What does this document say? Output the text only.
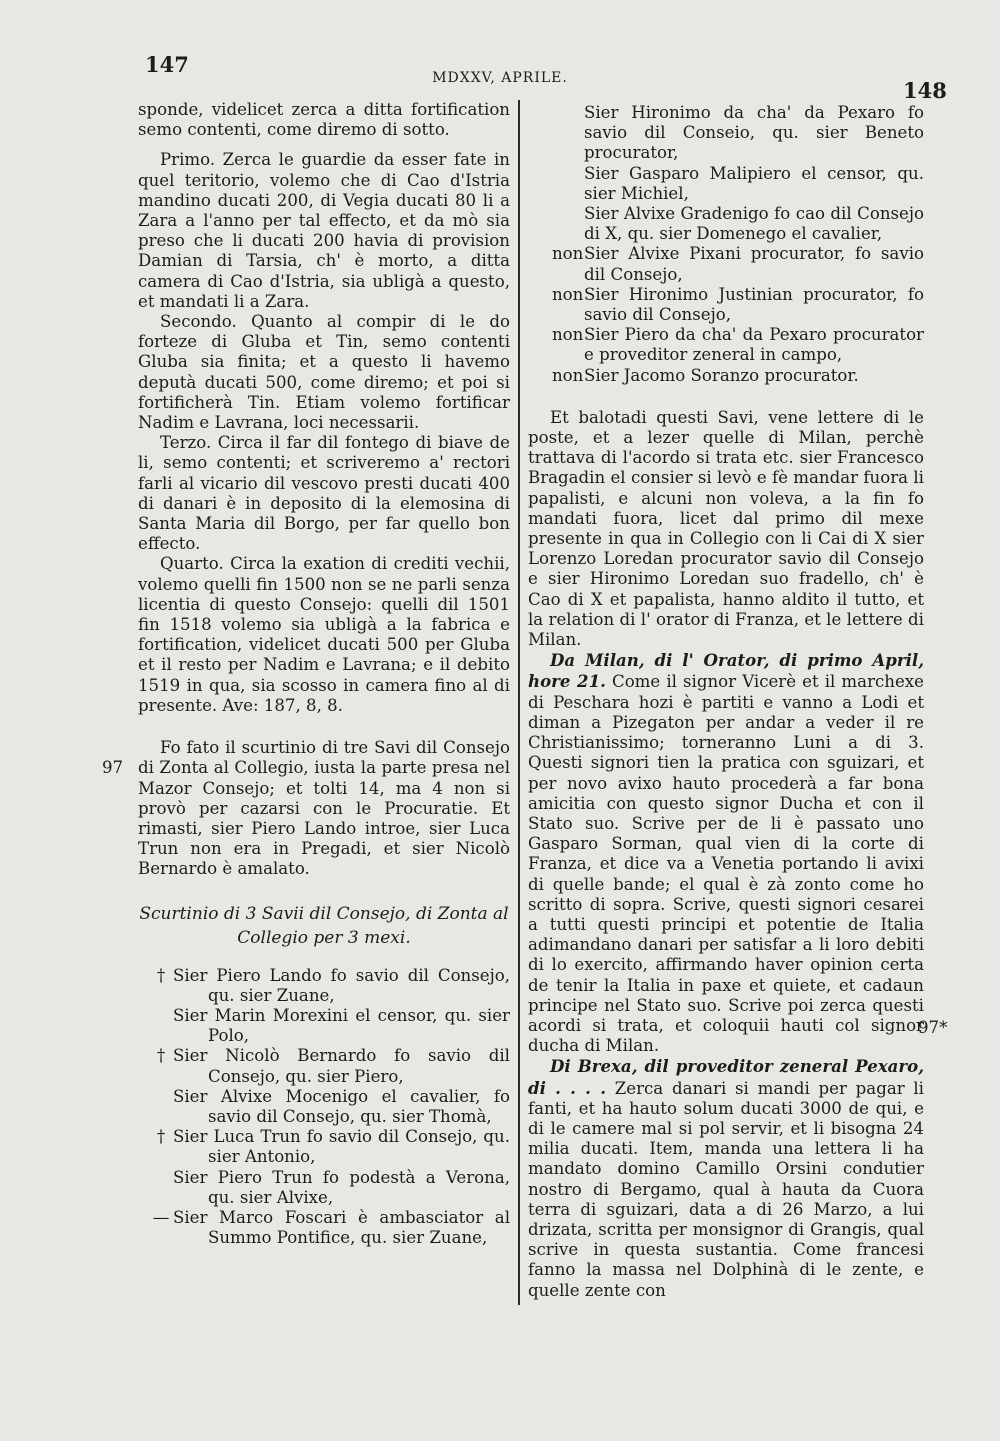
147
MDXXV, APRILE.	148
97
97*

sponde, videlicet zerca a ditta fortification semo contenti, come diremo di sotto.

Primo. Zerca le guardie da esser fate in quel teritorio, volemo che di Cao d'Istria mandino ducati 200, di Vegia ducati 80 li a Zara a l'anno per tal effecto, et da mò sia preso che li ducati 200 havia di provision Damian di Tarsia, ch' è morto, a ditta camera di Cao d'Istria, sia ubligà a questo, et mandati li a Zara.

Secondo. Quanto al compir di le do forteze di Gluba et Tin, semo contenti Gluba sia finita; et a questo li havemo deputà ducati 500, come diremo; et poi si fortificherà Tin. Etiam volemo fortificar Nadim e Lavrana, loci necessarii.

Terzo. Circa il far dil fontego di biave de li, semo contenti; et scriveremo a' rectori farli al vicario dil vescovo presti ducati 400 di danari è in deposito di la elemosina di Santa Maria dil Borgo, per far quello bon effecto.

Quarto. Circa la exation di crediti vechii, volemo quelli fin 1500 non se ne parli senza licentia di questo Consejo: quelli dil 1501 fin 1518 volemo sia ubligà a la fabrica e fortification, videlicet ducati 500 per Gluba et il resto per Nadim e Lavrana; e il debito 1519 in qua, sia scosso in camera fino al di presente. Ave: 187, 8, 8.

Fo fato il scurtinio di tre Savi dil Consejo di Zonta al Collegio, iusta la parte presa nel Mazor Consejo; et tolti 14, ma 4 non si provò per cazarsi con le Procuratie. Et rimasti, sier Piero Lando introe, sier Luca Trun non era in Pregadi, et sier Nicolò Bernardo è amalato.

Scurtinio di 3 Savii dil Consejo, di Zonta al
Collegio per 3 mexi.

† Sier Piero Lando fo savio dil Consejo, qu. sier Zuane,

Sier Marin Morexini el censor, qu. sier Polo,

† Sier Nicolò Bernardo fo savio dil Consejo, qu. sier Piero,

Sier Alvixe Mocenigo el cavalier, fo savio dil Consejo, qu. sier Thomà,

† Sier Luca Trun fo savio dil Consejo, qu. sier Antonio,

Sier Piero Trun fo podestà a Verona, qu. sier Alvixe,

— Sier Marco Foscari è ambasciator al Summo Pontifice, qu. sier Zuane,

Sier Hironimo da cha' da Pexaro fo savio dil Conseio, qu. sier Beneto procurator,

Sier Gasparo Malipiero el censor, qu. sier Michiel,

Sier Alvixe Gradenigo fo cao dil Consejo di X, qu. sier Domenego el cavalier,

nonSier Alvixe Pixani procurator, fo savio dil Consejo,

nonSier Hironimo Justinian procurator, fo savio dil Consejo,

nonSier Piero da cha' da Pexaro procurator e proveditor zeneral in campo,

nonSier Jacomo Soranzo procurator.

Et balotadi questi Savi, vene lettere di le poste, et a lezer quelle di Milan, perchè trattava di l'acordo si trata etc. sier Francesco Bragadin el consier si levò e fè mandar fuora li papalisti, e alcuni non voleva, a la fin fo mandati fuora, licet dal primo dil mexe presente in qua in Collegio con li Cai di X sier Lorenzo Loredan procurator savio dil Consejo e sier Hironimo Loredan suo fradello, ch' è Cao di X et papalista, hanno aldito il tutto, et la relation di l' orator di Franza, et le lettere di Milan.

Da Milan, di l' Orator, di primo April, hore 21. Come il signor Vicerè et il marchexe di Peschara hozi è partiti e vanno a Lodi et diman a Pizegaton per andar a veder il re Christianissimo; torneranno Luni a di 3. Questi signori tien la pratica con sguizari, et per novo avixo hauto procederà a far bona amicitia con questo signor Ducha et con il Stato suo. Scrive per de li è passato uno Gasparo Sorman, qual vien di la corte di Franza, et dice va a Venetia portando li avixi di quelle bande; el qual è zà zonto come ho scritto di sopra. Scrive, questi signori cesarei a tutti questi principi et potentie de Italia adimandano danari per satisfar a li loro debiti di lo exercito, affirmando haver opinion certa de tenir la Italia in paxe et quiete, et cadaun principe nel Stato suo. Scrive poi zerca questi acordi si trata, et coloquii hauti col signor ducha di Milan.

Di Brexa, dil proveditor zeneral Pexaro, di . . . . Zerca danari si mandi per pagar li fanti, et ha hauto solum ducati 3000 de qui, e di le camere mal si pol servir, et li bisogna 24 milia ducati. Item, manda una lettera li ha mandato domino Camillo Orsini condutier nostro di Bergamo, qual à hauta da Cuora terra di sguizari, data a di 26 Marzo, a lui drizata, scritta per monsignor di Grangis, qual scrive in questa sustantia. Come francesi fanno la massa nel Dolphinà di le zente, e quelle zente con
